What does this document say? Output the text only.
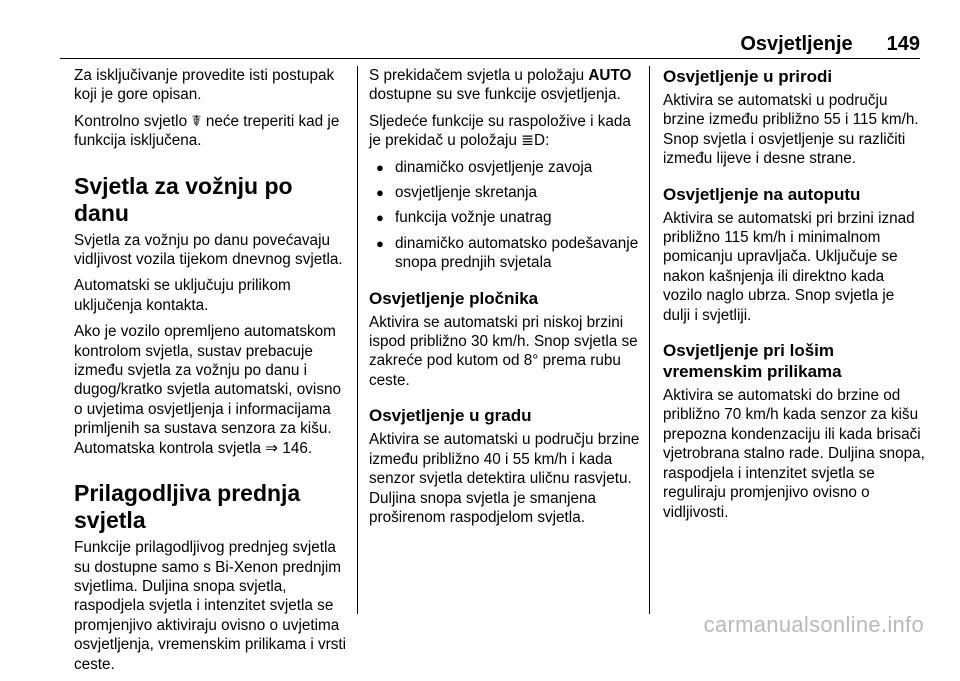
Osvjetljenje 149

Za isključivanje provedite isti postupak koji je gore opisan.

Kontrolno svjetlo ☤ neće treperiti kad je funkcija isključena.

Svjetla za vožnju po danu

Svjetla za vožnju po danu povećavaju vidljivost vozila tijekom dnevnog svjetla.

Automatski se uključuju prilikom uključenja kontakta.

Ako je vozilo opremljeno automatskom kontrolom svjetla, sustav prebacuje između svjetla za vožnju po danu i dugog/kratko svjetla automatski, ovisno o uvjetima osvjetljenja i informacijama primljenih sa sustava senzora za kišu. Automatska kontrola svjetla ⇒ 146.

Prilagodljiva prednja svjetla

Funkcije prilagodljivog prednjeg svjetla su dostupne samo s Bi-Xenon prednjim svjetlima. Duljina snopa svjetla, raspodjela svjetla i intenzitet svjetla se promjenjivo aktiviraju ovisno o uvjetima osvjetljenja, vremenskim prilikama i vrsti ceste.

S prekidačem svjetla u položaju AUTO dostupne su sve funkcije osvjetljenja.

Sljedeće funkcije su raspoložive i kada je prekidač u položaju ≣D:

● dinamičko osvjetljenje zavoja
● osvjetljenje skretanja
● funkcija vožnje unatrag
● dinamičko automatsko podešavanje snopa prednjih svjetala
Osvjetljenje pločnika

Aktivira se automatski pri niskoj brzini ispod približno 30 km/h. Snop svjetla se zakreće pod kutom od 8° prema rubu ceste.

Osvjetljenje u gradu

Aktivira se automatski u području brzine između približno 40 i 55 km/h i kada senzor svjetla detektira uličnu rasvjetu. Duljina snopa svjetla je smanjena proširenom raspodjelom svjetla.

Osvjetljenje u prirodi

Aktivira se automatski u području brzine između približno 55 i 115 km/h. Snop svjetla i osvjetljenje su različiti između lijeve i desne strane.

Osvjetljenje na autoputu

Aktivira se automatski pri brzini iznad približno 115 km/h i minimalnom pomicanju upravljača. Uključuje se nakon kašnjenja ili direktno kada vozilo naglo ubrza. Snop svjetla je dulji i svjetliji.

Osvjetljenje pri lošim vremenskim prilikama

Aktivira se automatski do brzine od približno 70 km/h kada senzor za kišu prepozna kondenzaciju ili kada brisači vjetrobrana stalno rade. Duljina snopa, raspodjela i intenzitet svjetla se reguliraju promjenjivo ovisno o vidljivosti.

carmanualsonline.info
